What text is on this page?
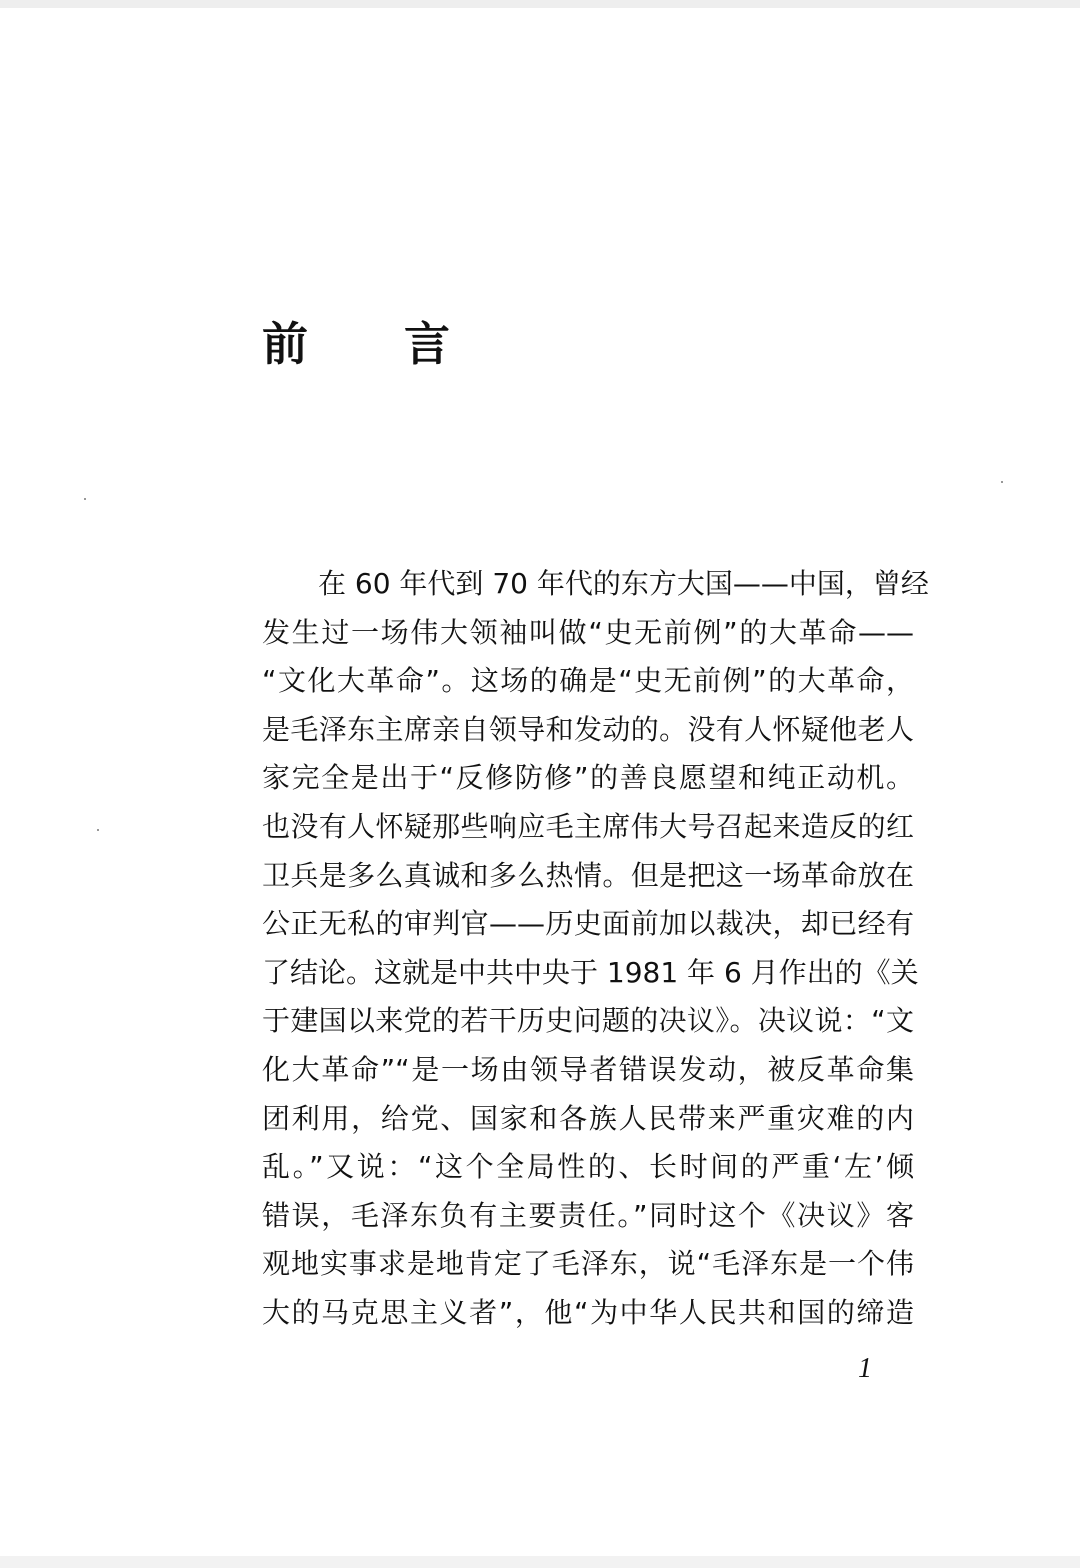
前 言
在 60 年代到 70 年代的东方大国——中国，曾经
发生过一场伟大领袖叫做“史无前例”的大革命——
“文化大革命”。这场的确是“史无前例”的大革命，
是毛泽东主席亲自领导和发动的。没有人怀疑他老人
家完全是出于“反修防修”的善良愿望和纯正动机。
也没有人怀疑那些响应毛主席伟大号召起来造反的红
卫兵是多么真诚和多么热情。但是把这一场革命放在
公正无私的审判官——历史面前加以裁决，却已经有
了结论。这就是中共中央于 1981 年 6 月作出的《关
于建国以来党的若干历史问题的决议》。决议说：“文
化大革命”“是一场由领导者错误发动，被反革命集
团利用，给党、国家和各族人民带来严重灾难的内
乱。”又说：“这个全局性的、长时间的严重‘左’倾
错误，毛泽东负有主要责任。”同时这个《决议》客
观地实事求是地肯定了毛泽东，说“毛泽东是一个伟
大的马克思主义者”，他“为中华人民共和国的缔造
1
